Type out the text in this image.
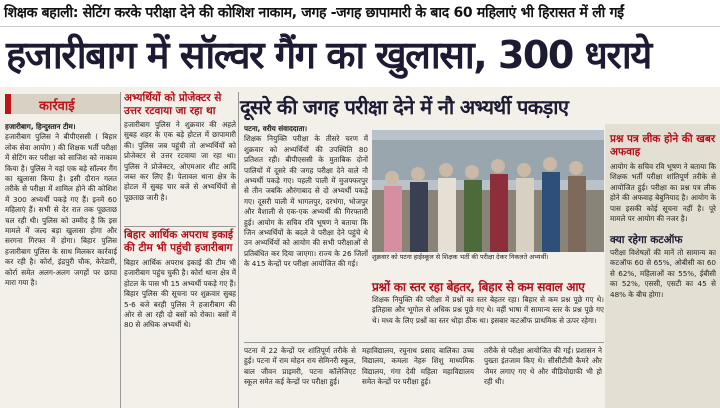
शिक्षक बहाली: सेटिंग करके परीक्षा देने की कोशिश नाकाम, जगह -जगह छापामारी के बाद 60 महिलाएं भी हिरासत में ली गईं
हजारीबाग में सॉल्वर गैंग का खुलासा, 300 धराये
कार्रवाई

हजारीबाग, हिन्दुस्तान टीम।

हजारीबाग पुलिस ने बीपीएससी ( बिहार लोक सेवा आयोग ) की शिक्षक भर्ती परीक्षा में सेटिंग कर परीक्षा को साजिश को नाकाम किया है। पुलिस ने यहां एक बड़े सॉल्वर गैंग का खुलासा किया है। इसी दौरान गलत तरीके से परीक्षा में शामिल होने की कोशिश में 300 अभ्यर्थी पकड़े गए हैं। इनमें 60 महिलाएं हैं। सभी से देर रात तक पूछताछ चल रही थी। पुलिस को उम्मीद है कि इस मामले में जल्द बड़ा खुलासा होगा और सरगना गिरफ्त में होगा। बिहार पुलिस हजारीबाग पुलिस के साथ मिलकर कार्रवाई कर रही है। कोर्रा, इंद्रपुरी चौक, केरेडारी, कोर्रा समेत अलग-अलग जगहों पर छापा मारा गया है।

अभ्यर्थियों को प्रोजेक्टर से उत्तर रटवाया जा रहा था

हजारीबाग पुलिस ने शुक्रवार की अहले सुबह शहर के एक बड़े होटल में छापामारी की। पुलिस जब पहुंची तो अभ्यर्थियों को प्रोजेक्टर से उत्तर रटवाया जा रहा था। पुलिस ने प्रोजेक्टर, ओएमआर शीट आदि जब्त कर लिए हैं। पेलावल थाना क्षेत्र के होटल में सुबह चार बजे से अभ्यर्थियों से पूछताछ जारी है।

बिहार आर्थिक अपराध इकाई की टीम भी पहुंची हजारीबाग

बिहार आर्थिक अपराध इकाई की टीम भी हजारीबाग पहुंच चुकी है। कोर्रा थाना क्षेत्र में होटल के पास भी 15 अभ्यर्थी पकड़े गए हैं। बिहार पुलिस की सूचना पर शुक्रवार सुबह 5-6 बजे बरही पुलिस ने हजारीबाग की ओर से आ रही दो बसों को रोका। बसों में 80 से अधिक अभ्यर्थी थे।

दूसरे की जगह परीक्षा देने में नौ अभ्यर्थी पकड़ाए

पटना, वरीय संवाददाता।

शिक्षक नियुक्ति परीक्षा के तीसरे चरण में शुक्रवार को अभ्यर्थियों की उपस्थिति 80 प्रतिशत रही। बीपीएससी के मुताबिक दोनों पालियों में दूसरे की जगह परीक्षा देने वाले नौ अभ्यर्थी पकड़े गए। पहली पाली में मुजफ्फरपुर से तीन जबकि औरंगाबाद से दो अभ्यर्थी पकड़े गए। दूसरी पाली में भागलपुर, दरभंगा, भोजपुर और वैशाली से एक-एक अभ्यर्थी की गिरफ्तारी हुई। आयोग के सचिव रवि भूषण ने बताया कि जिन अभ्यर्थियों के बदले वे परीक्षा देने पहुंचे थे उन अभ्यर्थियों को आयोग की सभी परीक्षाओं से प्रतिबंधित कर दिया जाएगा। राज्य के 26 जिलों के 415 केन्द्रों पर परीक्षा आयोजित की गई।

शुक्रवार को पटना हाईस्कूल से शिक्षक भर्ती की परीक्षा देकर निकलते अभ्यर्थी।
प्रश्नों का स्तर रहा बेहतर, बिहार से कम सवाल आए

शिक्षक नियुक्ति की परीक्षा में प्रश्नों का स्तर बेहतर रहा। बिहार से कम प्रश्न पूछे गए थे। इतिहास और भूगोल से अधिक प्रश्न पूछे गए थे। वहीं भाषा में सामान्य स्तर के प्रश्न पूछे गए थे। मध्य के लिए प्रश्नों का स्तर थोड़ा ठीक था। इसबार कटऑफ प्राथमिक से ऊपर रहेगा।

पटना में 22 केन्द्रों पर शांतिपूर्ण तरीके से हुई। पटना में राम मोहन राय सेमिनरी स्कूल, बाल जीवन प्राइमरी, पटना कॉलेजिएट स्कूल समेत कई केन्द्रों पर परीक्षा हुई।

महाविद्यालय, रघुनाथ प्रसाद बालिका उच्च विद्यालय, कमला नेहरु शिशु माध्यमिक विद्यालय, गंगा देवी महिला महाविद्यालय समेत केन्द्रों पर परीक्षा हुई।

तरीके से परीक्षा आयोजित की गई। प्रशासन ने पुख्ता इंतजाम किए थे। सीसीटीवी कैमरे और जैमर लगाए गए थे और वीडियोग्राफी भी हो रही थी।

प्रश्न पत्र लीक होने की खबर अफवाह

आयोग के सचिव रवि भूषण ने बताया कि शिक्षक भर्ती परीक्षा शांतिपूर्ण तरीके से आयोजित हुई। परीक्षा का प्रश्न पत्र लीक होने की अफवाह बेबुनियाद है। आयोग के पास इसकी कोई सूचना नहीं है। पूरे मामले पर आयोग की नजर है।

क्या रहेगा कटऑफ

परीक्षा विशेषज्ञों की मानें तो सामान्य का कटऑफ 60 से 65%, ओबीसी का 60 से 62%, महिलाओं का 55%, ईबीसी का 52%, एससी, एसटी का 45 से 48% के बीच होगा।
